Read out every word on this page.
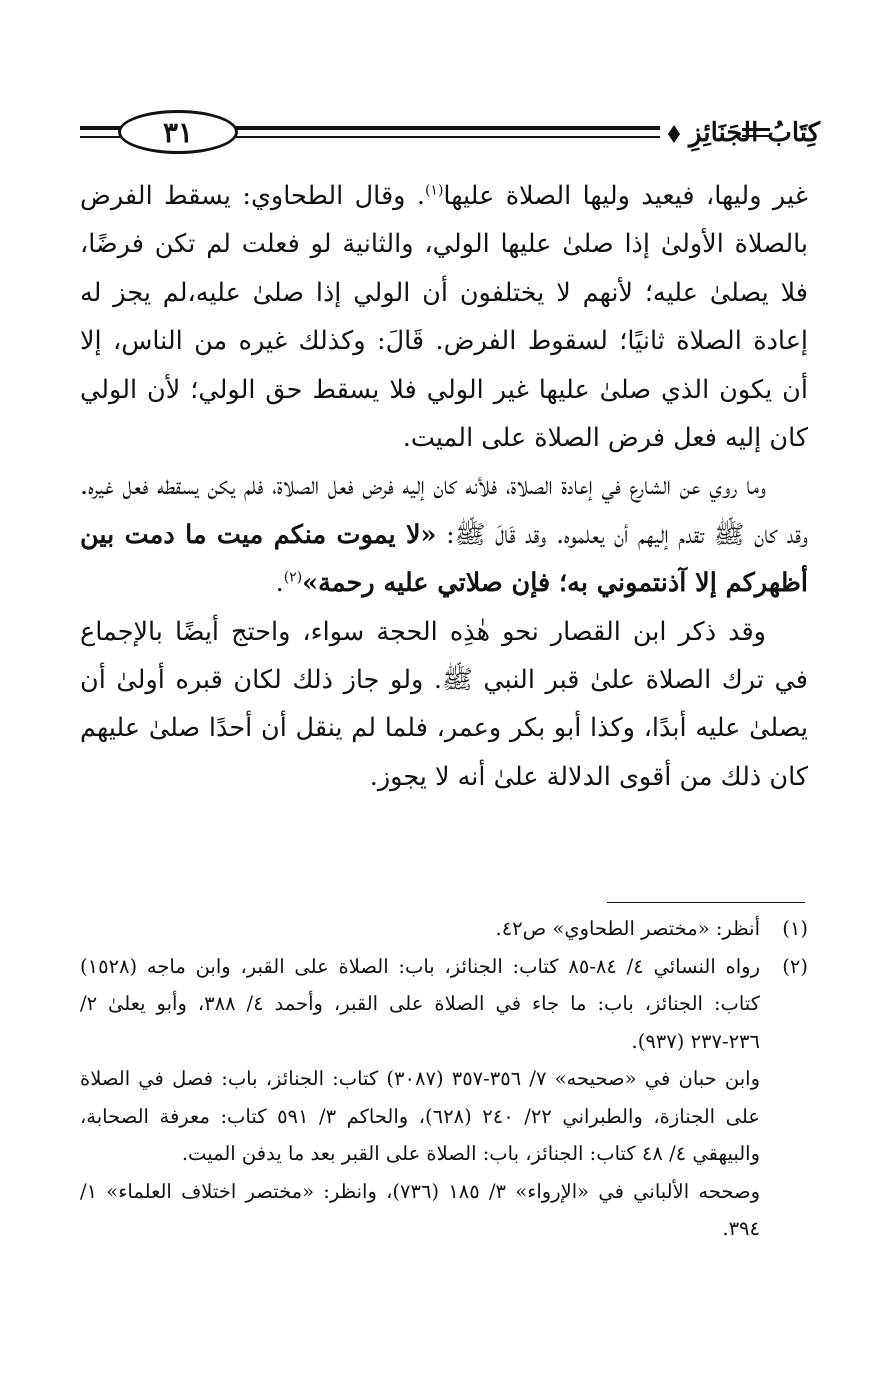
كِتَابُ الجَنَائِزِ
٣١

غير وليها، فيعيد وليها الصلاة عليها$^{(١)}$. وقال الطحاوي: يسقط الفرض بالصلاة الأولىٰ إذا صلىٰ عليها الولي، والثانية لو فعلت لم تكن فرضًا، فلا يصلىٰ عليه؛ لأنهم لا يختلفون أن الولي إذا صلىٰ عليه،لم يجز له إعادة الصلاة ثانيًا؛ لسقوط الفرض. قَالَ: وكذلك غيره من الناس، إلا أن يكون الذي صلىٰ عليها غير الولي فلا يسقط حق الولي؛ لأن الولي كان إليه فعل فرض الصلاة على الميت.

وما روي عن الشارع في إعادة الصلاة، فلأنه كان إليه فرض فعل الصلاة، فلم يكن يسقطه فعل غيره. وقد كان ﷺ تقدم إليهم أن يعلموه. وقد قَالَ ﷺ: «لا يموت منكم ميت ما دمت بين أظهركم إلا آذنتموني به؛ فإن صلاتي عليه رحمة»$^{(٢)}$.

وقد ذكر ابن القصار نحو هٰذِه الحجة سواء، واحتج أيضًا بالإجماع في ترك الصلاة علىٰ قبر النبي ﷺ. ولو جاز ذلك لكان قبره أولىٰ أن يصلىٰ عليه أبدًا، وكذا أبو بكر وعمر، فلما لم ينقل أن أحدًا صلىٰ عليهم كان ذلك من أقوى الدلالة علىٰ أنه لا يجوز.

(١)

أنظر: «مختصر الطحاوي» ص٤٢.

(٢)

رواه النسائي ٤/ ٨٤-٨٥ كتاب: الجنائز، باب: الصلاة على القبر، وابن ماجه (١٥٢٨) كتاب: الجنائز، باب: ما جاء في الصلاة على القبر، وأحمد ٤/ ٣٨٨، وأبو يعلىٰ ٢/ ٢٣٦-٢٣٧ (٩٣٧).

وابن حبان في «صحيحه» ٧/ ٣٥٦-٣٥٧ (٣٠٨٧) كتاب: الجنائز، باب: فصل في الصلاة على الجنازة، والطبراني ٢٢/ ٢٤٠ (٦٢٨)، والحاكم ٣/ ٥٩١ كتاب: معرفة الصحابة، والبيهقي ٤/ ٤٨ كتاب: الجنائز، باب: الصلاة على القبر بعد ما يدفن الميت.

وصححه الألباني في «الإرواء» ٣/ ١٨٥ (٧٣٦)، وانظر: «مختصر اختلاف العلماء» ١/ ٣٩٤.
